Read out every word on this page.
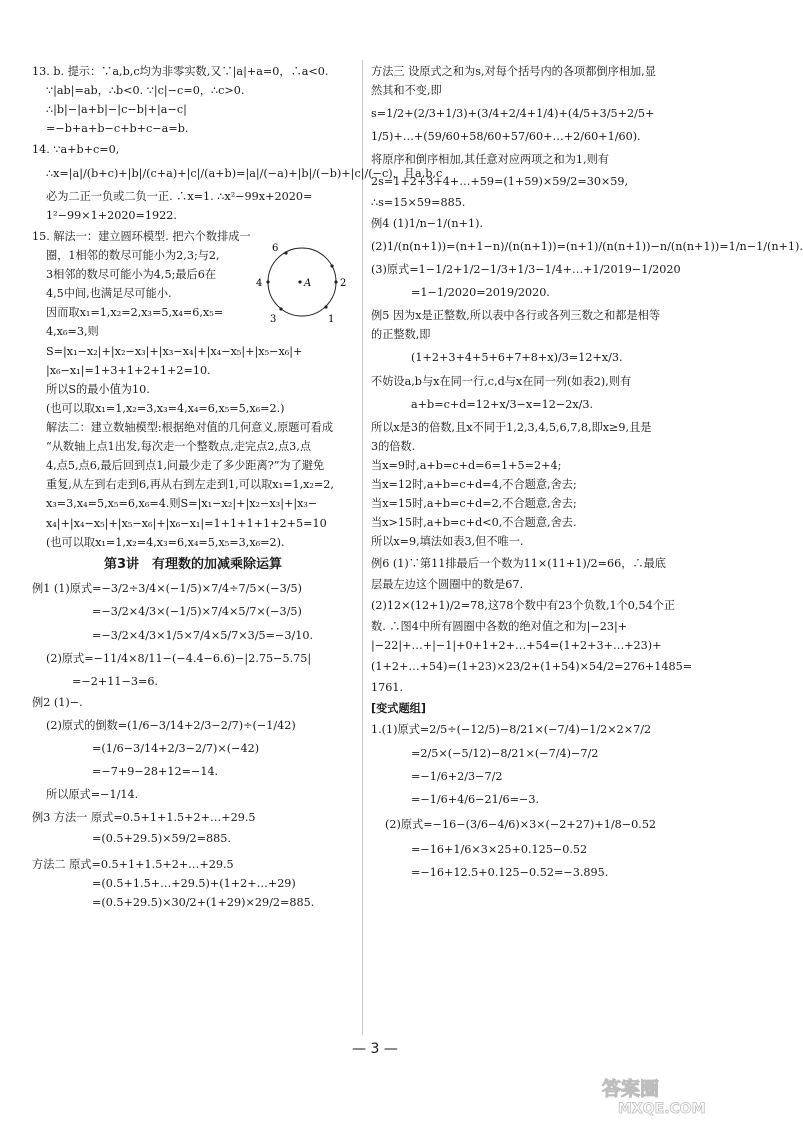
13. b. 提示：∵a,b,c均为非零实数,又∵|a|+a=0，∴a<0.

∵|ab|=ab，∴b<0. ∵|c|−c=0，∴c>0.

∴|b|−|a+b|−|c−b|+|a−c|

=−b+a+b−c+b+c−a=b.

14. ∵a+b+c=0,

∴x=|a|/(b+c)+|b|/(c+a)+|c|/(a+b)=|a|/(−a)+|b|/(−b)+|c|/(−c)，且a,b,c

必为二正一负或二负一正. ∴x=1. ∴x²−99x+2020=

1²−99×1+2020=1922.

15. 解法一：建立圆环模型. 把六个数排成一

圈，1相邻的数尽可能小为2,3;与2,

3相邻的数尽可能小为4,5;最后6在

4,5中间,也满足尽可能小.

因而取x₁=1,x₂=2,x₃=5,x₄=6,x₅=

4,x₆=3,则

S=|x₁−x₂|+|x₂−x₃|+|x₃−x₄|+|x₄−x₅|+|x₅−x₆|+

|x₆−x₁|=1+3+1+2+1+2=10.

所以S的最小值为10.

(也可以取x₁=1,x₂=3,x₃=4,x₄=6,x₅=5,x₆=2.)

解法二：建立数轴模型:根据绝对值的几何意义,原题可看成

“从数轴上点1出发,每次走一个整数点,走完点2,点3,点

4,点5,点6,最后回到点1,问最少走了多少距离?”为了避免

重复,从左到右走到6,再从右到左走到1,可以取x₁=1,x₂=2,

x₃=3,x₄=5,x₅=6,x₆=4.则S=|x₁−x₂|+|x₂−x₃|+|x₃−

x₄|+|x₄−x₅|+|x₅−x₆|+|x₆−x₁|=1+1+1+1+2+5=10

(也可以取x₁=1,x₂=4,x₃=6,x₄=5,x₅=3,x₆=2).

第3讲　有理数的加减乘除运算

例1 (1)原式=−3/2÷3/4×(−1/5)×7/4÷7/5×(−3/5)

=−3/2×4/3×(−1/5)×7/4×5/7×(−3/5)

=−3/2×4/3×1/5×7/4×5/7×3/5=−3/10.

(2)原式=−11/4×8/11−(−4.4−6.6)−|2.75−5.75|

=−2+11−3=6.

例2 (1)−.

(2)原式的倒数=(1/6−3/14+2/3−2/7)÷(−1/42)

=(1/6−3/14+2/3−2/7)×(−42)

=−7+9−28+12=−14.

所以原式=−1/14.

例3 方法一 原式=0.5+1+1.5+2+…+29.5

=(0.5+29.5)×59/2=885.

方法二 原式=0.5+1+1.5+2+…+29.5

=(0.5+1.5+…+29.5)+(1+2+…+29)

=(0.5+29.5)×30/2+(1+29)×29/2=885.

A
6
2
1
3
4

方法三 设原式之和为s,对每个括号内的各项都倒序相加,显

然其和不变,即

s=1/2+(2/3+1/3)+(3/4+2/4+1/4)+(4/5+3/5+2/5+

1/5)+…+(59/60+58/60+57/60+…+2/60+1/60).

将原序和倒序相加,其任意对应两项之和为1,则有

2s=1+2+3+4+…+59=(1+59)×59/2=30×59,

∴s=15×59=885.

例4 (1)1/n−1/(n+1).

(2)1/(n(n+1))=(n+1−n)/(n(n+1))=(n+1)/(n(n+1))−n/(n(n+1))=1/n−1/(n+1).

(3)原式=1−1/2+1/2−1/3+1/3−1/4+…+1/2019−1/2020

=1−1/2020=2019/2020.

例5 因为x是正整数,所以表中各行或各列三数之和都是相等

的正整数,即

(1+2+3+4+5+6+7+8+x)/3=12+x/3.

不妨设a,b与x在同一行,c,d与x在同一列(如表2),则有

a+b=c+d=12+x/3−x=12−2x/3.

所以x是3的倍数,且x不同于1,2,3,4,5,6,7,8,即x≥9,且是

3的倍数.

当x=9时,a+b=c+d=6=1+5=2+4;

当x=12时,a+b=c+d=4,不合题意,舍去;

当x=15时,a+b=c+d=2,不合题意,舍去;

当x>15时,a+b=c+d<0,不合题意,舍去.

所以x=9,填法如表3,但不唯一.

例6 (1)∵第11排最后一个数为11×(11+1)/2=66，∴最底

层最左边这个圆圈中的数是67.

(2)12×(12+1)/2=78,这78个数中有23个负数,1个0,54个正

数. ∴图4中所有圆圈中各数的绝对值之和为|−23|+

|−22|+…+|−1|+0+1+2+…+54=(1+2+3+…+23)+

(1+2+…+54)=(1+23)×23/2+(1+54)×54/2=276+1485=

1761.

[变式题组]

1.(1)原式=2/5÷(−12/5)−8/21×(−7/4)−1/2×2×7/2

=2/5×(−5/12)−8/21×(−7/4)−7/2

=−1/6+2/3−7/2

=−1/6+4/6−21/6=−3.

(2)原式=−16−(3/6−4/6)×3×(−2+27)+1/8−0.52

=−16+1/6×3×25+0.125−0.52

=−16+12.5+0.125−0.52=−3.895.

— 3 —
答案圈
MXQE.COM
